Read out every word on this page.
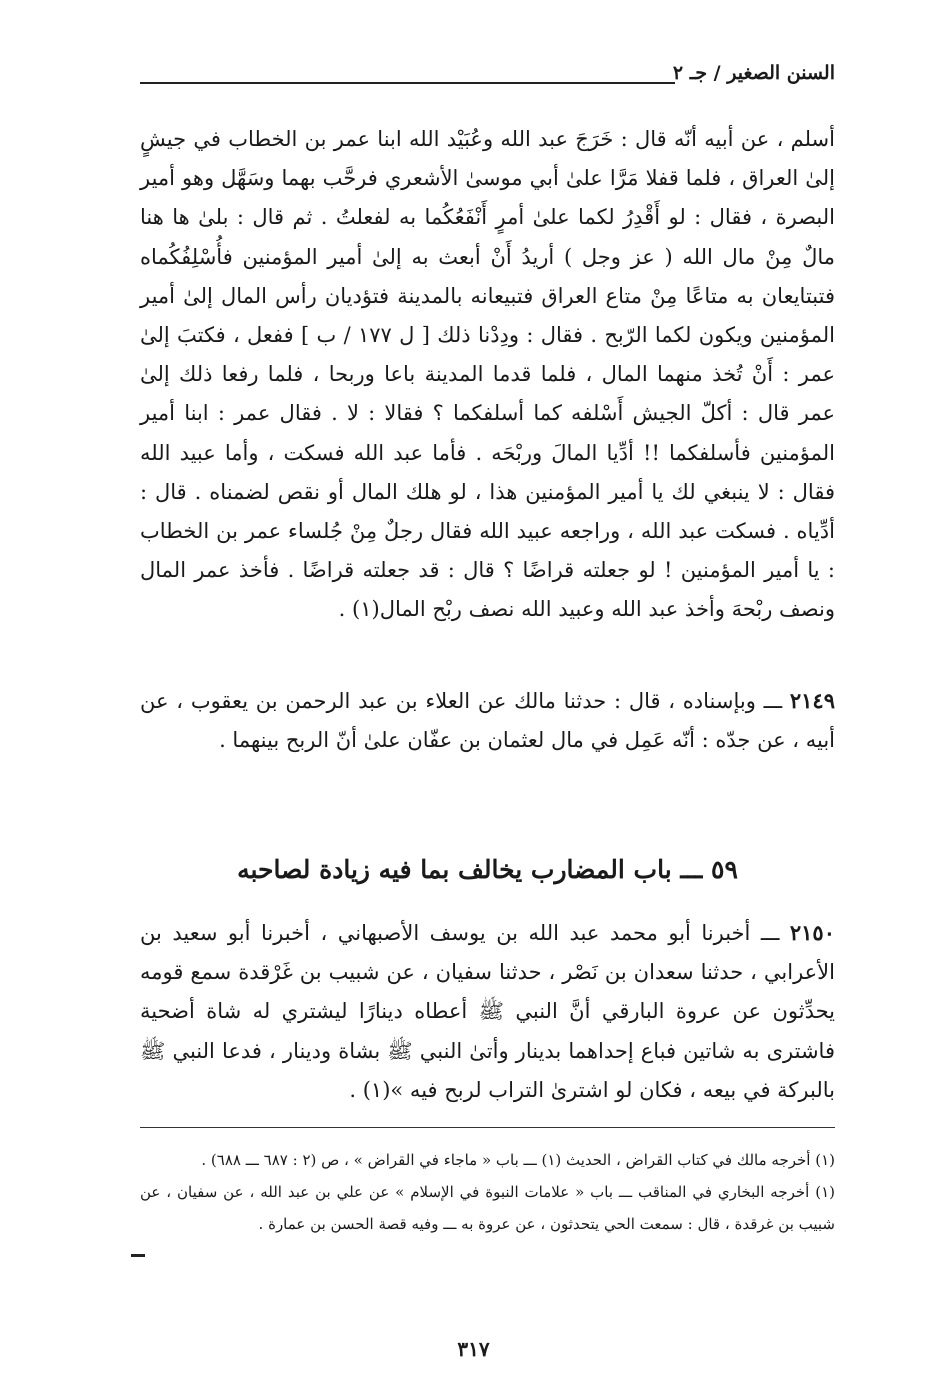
السنن الصغير / جـ ٢
أسلم ، عن أبيه أنّه قال : خَرَجَ عبد الله وعُبَيْد الله ابنا عمر بن الخطاب في جيشٍ إلىٰ العراق ، فلما قفلا مَرَّا علىٰ أبي موسىٰ الأشعري فرحَّب بهما وسَهَّل وهو أمير البصرة ، فقال : لو أَقْدِرُ لكما علىٰ أمرٍ أَنْفَعُكُما به لفعلتُ . ثم قال : بلىٰ ها هنا مالٌ مِنْ مال الله ( عز وجل ) أريدُ أَنْ أبعث به إلىٰ أمير المؤمنين فأُسْلِفُكُماه فتبتايعان به متاعًا مِنْ متاع العراق فتبيعانه بالمدينة فتؤديان رأس المال إلىٰ أمير المؤمنين ويكون لكما الرّبح . فقال : ودِدْنا ذلك [ ل ١٧٧ / ب ] ففعل ، فكتبَ إلىٰ عمر : أَنْ تُخذ منهما المال ، فلما قدما المدينة باعا وربحا ، فلما رفعا ذلك إلىٰ عمر قال : أكلّ الجيش أَسْلفه كما أسلفكما ؟ فقالا : لا . فقال عمر : ابنا أمير المؤمنين فأسلفكما !! أدِّيا المالَ وربْحَه . فأما عبد الله فسكت ، وأما عبيد الله فقال : لا ينبغي لك يا أمير المؤمنين هذا ، لو هلك المال أو نقص لضمناه . قال : أدِّياه . فسكت عبد الله ، وراجعه عبيد الله فقال رجلٌ مِنْ جُلساء عمر بن الخطاب : يا أمير المؤمنين ! لو جعلته قراضًا ؟ قال : قد جعلته قراضًا . فأخذ عمر المال ونصف ربْحهَ وأخذ عبد الله وعبيد الله نصف ربْح المال(١) .
٢١٤٩ ـــ وبإسناده ، قال : حدثنا مالك عن العلاء بن عبد الرحمن بن يعقوب ، عن أبيه ، عن جدّه : أنّه عَمِل في مال لعثمان بن عفّان علىٰ أنّ الربح بينهما .
٥٩ ـــ باب المضارب يخالف بما فيه زيادة لصاحبه
٢١٥٠ ـــ أخبرنا أبو محمد عبد الله بن يوسف الأصبهاني ، أخبرنا أبو سعيد بن الأعرابي ، حدثنا سعدان بن نَصْر ، حدثنا سفيان ، عن شبيب بن غَرْقدة سمع قومه يحدِّثون عن عروة البارقي أنَّ النبي ﷺ أعطاه دينارًا ليشتري له شاة أضحية فاشترى به شاتين فباع إحداهما بدينار وأتىٰ النبي ﷺ بشاة ودينار ، فدعا النبي ﷺ بالبركة في بيعه ، فكان لو اشترىٰ التراب لربح فيه »(١) .

(١) أخرجه مالك في كتاب القراض ، الحديث (١) ـــ باب « ماجاء في القراض » ، ص (٢ : ٦٨٧ ـــ ٦٨٨) .

(١) أخرجه البخاري في المناقب ـــ باب « علامات النبوة في الإسلام » عن علي بن عبد الله ، عن سفيان ، عن شبيب بن غرقدة ، قال : سمعت الحي يتحدثون ، عن عروة به ـــ وفيه قصة الحسن بن عمارة .

٣١٧
